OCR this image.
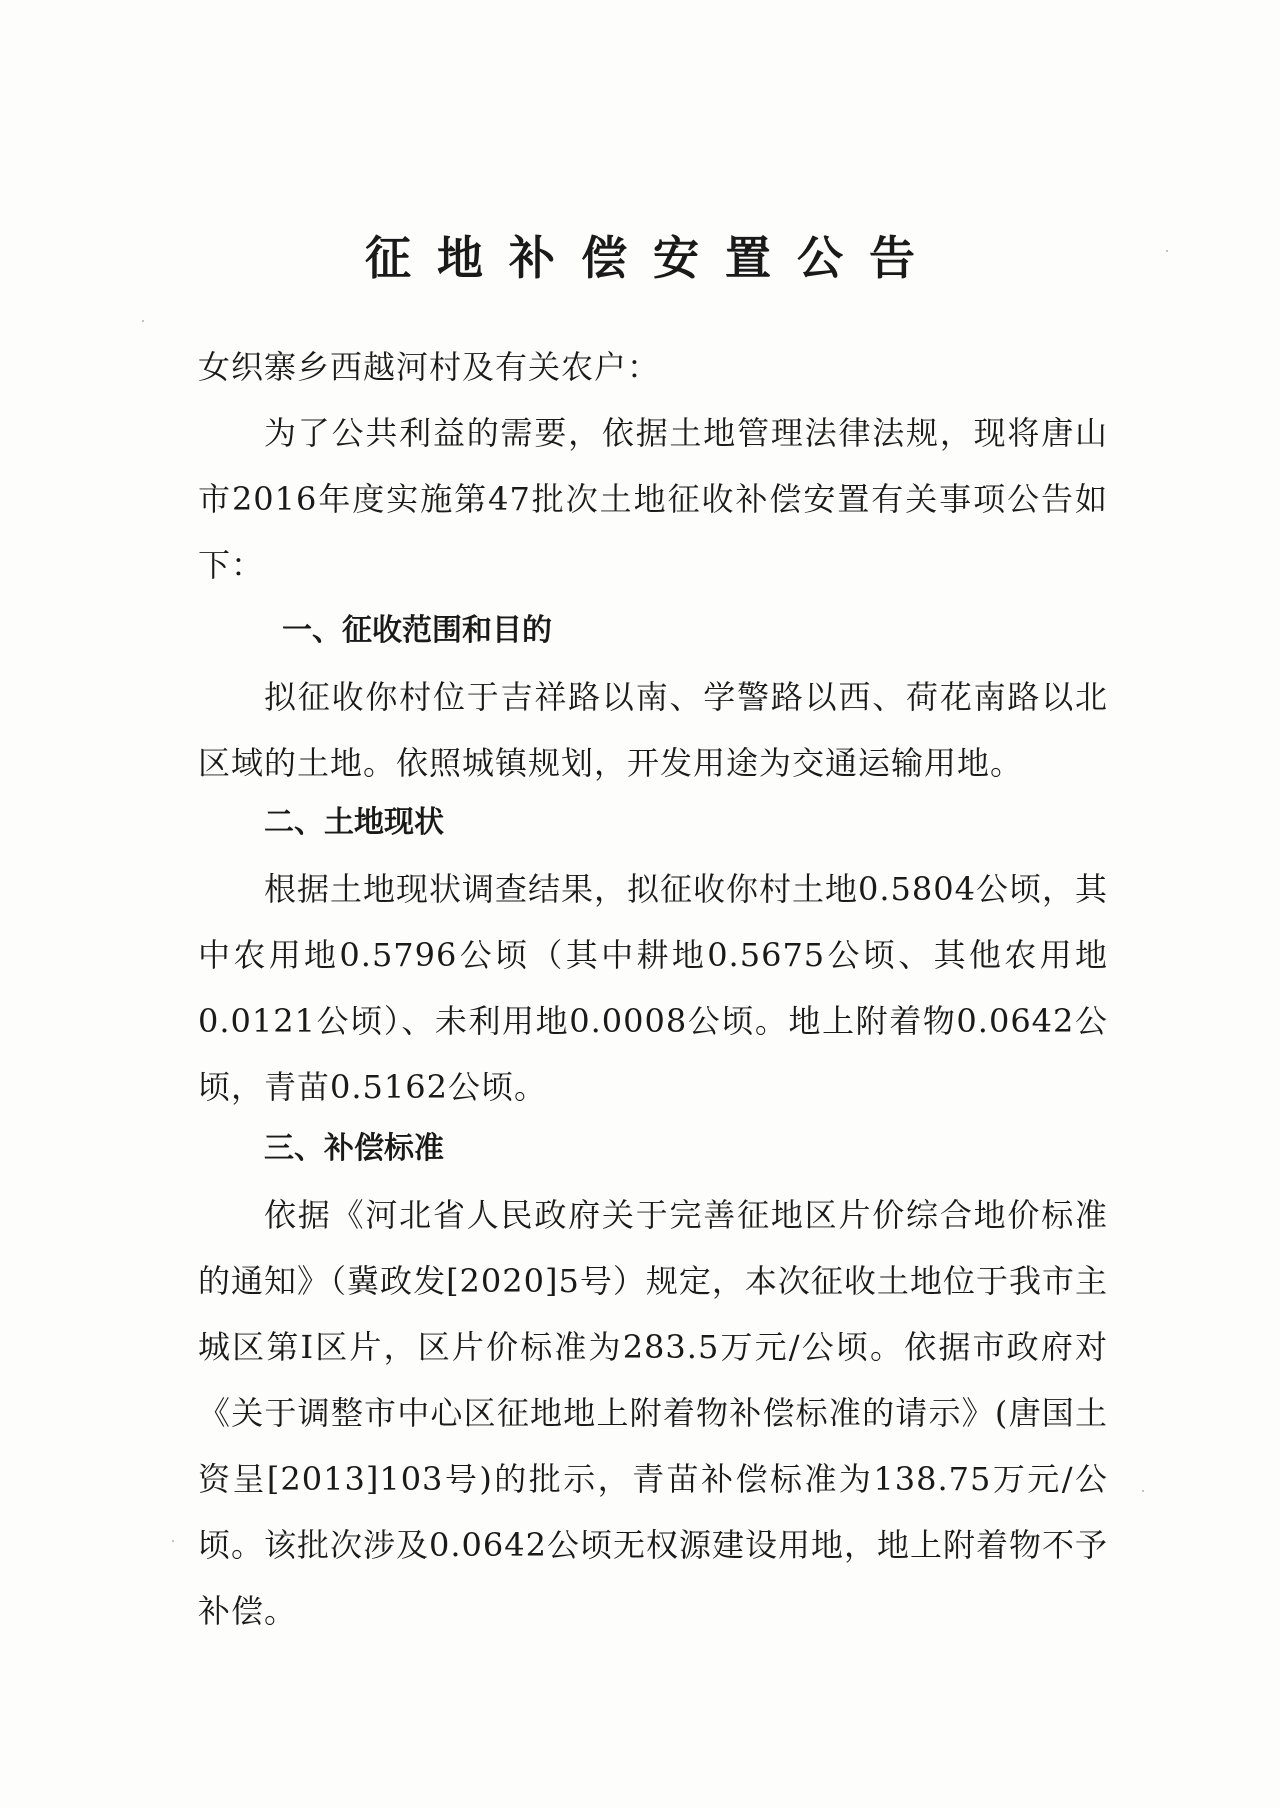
征地补偿安置公告
女织寨乡西越河村及有关农户：
为了公共利益的需要，依据土地管理法律法规，现将唐山市2016年度实施第47批次土地征收补偿安置有关事项公告如下：
一、征收范围和目的
拟征收你村位于吉祥路以南、学警路以西、荷花南路以北区域的土地。依照城镇规划，开发用途为交通运输用地。
二、土地现状
根据土地现状调查结果，拟征收你村土地0.5804公顷，其中农用地0.5796公顷（其中耕地0.5675公顷、其他农用地0.0121公顷）、未利用地0.0008公顷。地上附着物0.0642公顷，青苗0.5162公顷。
三、补偿标准
依据《河北省人民政府关于完善征地区片价综合地价标准的通知》（冀政发[2020]5号）规定，本次征收土地位于我市主城区第I区片，区片价标准为283.5万元/公顷。依据市政府对《关于调整市中心区征地地上附着物补偿标准的请示》(唐国土资呈[2013]103号)的批示，青苗补偿标准为138.75万元/公顷。该批次涉及0.0642公顷无权源建设用地，地上附着物不予补偿。
